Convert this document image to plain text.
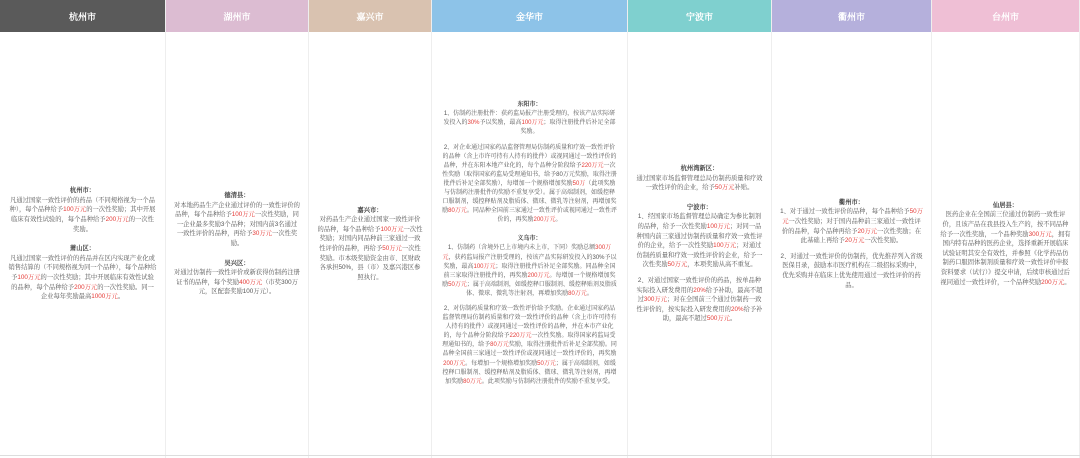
杭州市
杭州市：

凡通过国家一致性评价的药品（不同规格视为一个品种），每个品种给予100万元的一次性奖励；其中开展临床有效性试验的，每个品种给予200万元的一次性奖励。

萧山区：

凡通过国家一致性评价的药品并在区内实现产业化或销售结算的（不同规格视为同一个品种），每个品种给予100万元的一次性奖励；其中开展临床有效性试验的品种，每个品种给予200万元的一次性奖励。同一企业每年奖励最高1000万元。

湖州市
德清县：

对本地药品生产企业通过评价的一致性评价的品种，每个品种给予100万元一次性奖励，同一企业最多奖励3个品种；对国内前3名通过一致性评价的品种，再给予30万元一次性奖励。

吴兴区：

对通过仿制药一致性评价或新获得仿制药注册证书的品种，每个奖励400万元（市奖300万元，区配套奖励100万元）。

嘉兴市
嘉兴市：

对药品生产企业通过国家一致性评价的品种，每个品种给予100万元一次性奖励；对国内同品种前三家通过一致性评价的品种，再给予50万元一次性奖励。市本级奖励资金由市、区财政各承担50%，县（市）及嘉兴港区参照执行。

金华市
东阳市：

1、仿制药注册批件：获药监局报产注册受理的，按该产品实际研发投入的30%予以奖励，最高100万元；取得注册批件后补足全部奖励。

2、对企业通过国家药品监督管理局仿制药质量和疗效一致性评价的品种（含上市许可持有人持有的批件）或视同通过一致性评价的品种，并在东阳本地产业化的，每个品种分阶段给予220万元一次性奖励（取得国家药监局受理通知书，给予80万元奖励，取得注册批件后补足全部奖励），每增加一个规格增加奖励50万（此项奖励与仿制药注册批件的奖励不重复享受）。属于高端制剂，如缓控释口服制剂，缓控释贴剂及脂质体、微球、微乳等注射剂，再增加奖励80万元。同品种全国前三家通过一致性评价或视同通过一致性评价的，再奖励200万元。

义乌市：

1、仿制药（含境外已上市境内未上市，下同）奖励总额300万元，获药监局报产注册受理的，按该产品实际研发投入的30%予以奖励，最高100万元；取得注册批件后补足全部奖励。同品种全国前三家取得注册批件的，再奖励200万元。每增加一个规格增加奖励50万元；属于高端制剂，如缓控释口服制剂、缓控释贴剂及脂质体、微球、微乳等注射剂，再增加奖励80万元。

2、对仿制药质量和疗效一致性评价给予奖励。企业通过国家药品监督管理局仿制药质量和疗效一致性评价的品种（含上市许可持有人持有的批件）或视同通过一致性评价的品种，并在本市产业化的，每个品种分阶段给予220万元一次性奖励。取得国家药监局受理通知书的，给予80万元奖励，取得注册批件后补足全部奖励。同品种全国前三家通过一致性评价或视同通过一致性评价的，再奖励200万元。每增加一个规格增加奖励50万元；属于高端制剂，如缓控释口服制剂、缓控释贴剂及脂质体、微球、微乳等注射剂，再增加奖励80万元。此项奖励与仿制药注册批件的奖励不重复享受。

宁波市
杭州湾新区：

通过国家市场监督管理总局仿制药质量和疗效一致性评价的企业，给予50万元补贴。

宁波市：

1、经国家市场监督管理总局确定为参比制剂的品种，给予一次性奖励100万元；对同一品种国内前三家通过仿制药质量和疗效一致性评价的企业，给予一次性奖励100万元；对通过仿制药质量和疗效一致性评价的企业，给予一次性奖励50万元，本项奖励从高不重复。

2、对通过国家一致性评价的药品，按单品种实际投入研发费用的20%给予补助，最高不超过300万元；对在全国前三个通过仿制药一致性评价的，按实际投入研发费用的20%给予补助，最高不超过500万元。

衢州市
衢州市：

1、对于通过一致性评价的品种，每个品种给予50万元一次性奖励；对于国内品种前三家通过一致性评价的品种，每个品种再给予20万元一次性奖励；在此基础上再给予20万元一次性奖励。

2、对通过一致性评价的仿制药，优先推荐列入省级医保目录，鼓励本市医疗机构在二级招标采购中，优先采购并在临床上优先使用通过一致性评价的药品。

台州市
仙居县：

医药企业在全国前三位通过仿制药一致性评价，且该产品在我县投入生产的，按不同品种给予一次性奖励，一个品种奖励300万元，拥有国内特有品种的医药企业，选择重新开展临床试验证明其安全有效性，并参照《化学药品仿制药口服固体制剂质量和疗效一致性评价申报资料要求（试行）》提交申请，后续审核通过后视同通过一致性评价，一个品种奖励200万元。
